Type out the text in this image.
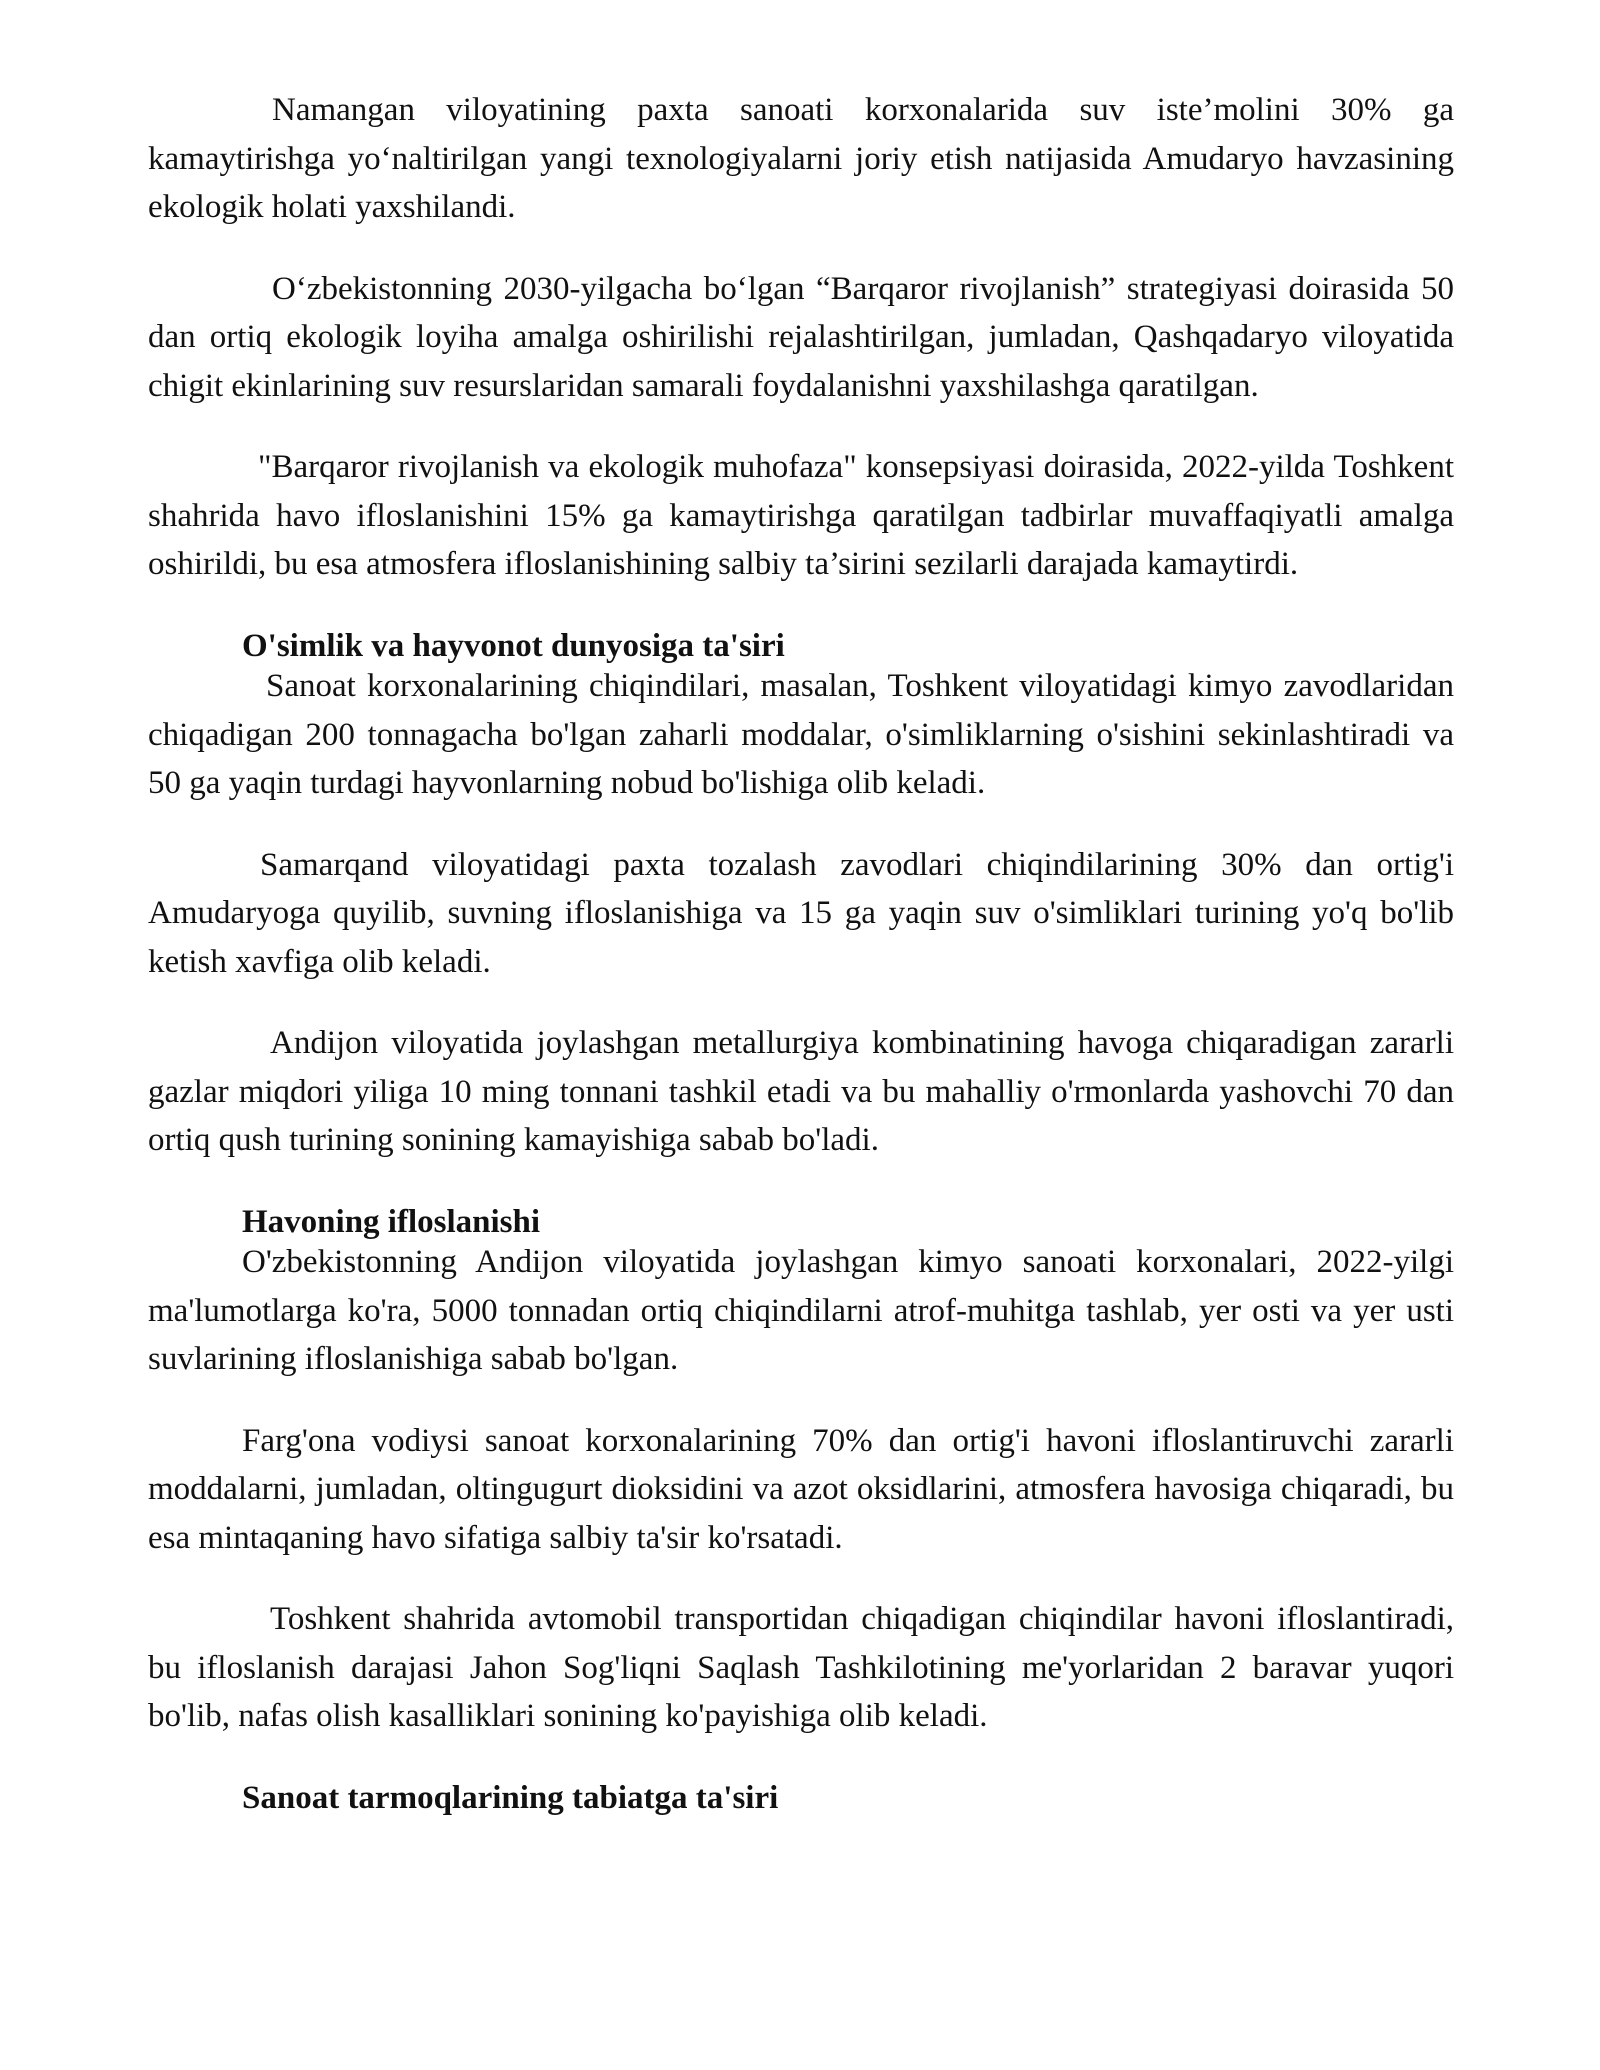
Namangan viloyatining paxta sanoati korxonalarida suv iste’molini 30% ga kamaytirishga yo‘naltirilgan yangi texnologiyalarni joriy etish natijasida Amudaryo havzasining ekologik holati yaxshilandi.

O‘zbekistonning 2030-yilgacha bo‘lgan “Barqaror rivojlanish” strategiyasi doirasida 50 dan ortiq ekologik loyiha amalga oshirilishi rejalashtirilgan, jumladan, Qashqadaryo viloyatida chigit ekinlarining suv resurslaridan samarali foydalanishni yaxshilashga qaratilgan.

"Barqaror rivojlanish va ekologik muhofaza" konsepsiyasi doirasida, 2022-yilda Toshkent shahrida havo ifloslanishini 15% ga kamaytirishga qaratilgan tadbirlar muvaffaqiyatli amalga oshirildi, bu esa atmosfera ifloslanishining salbiy ta’sirini sezilarli darajada kamaytirdi.

O'simlik va hayvonot dunyosiga ta'siri

Sanoat korxonalarining chiqindilari, masalan, Toshkent viloyatidagi kimyo zavodlaridan chiqadigan 200 tonnagacha bo'lgan zaharli moddalar, o'simliklarning o'sishini sekinlashtiradi va 50 ga yaqin turdagi hayvonlarning nobud bo'lishiga olib keladi.

Samarqand viloyatidagi paxta tozalash zavodlari chiqindilarining 30% dan ortig'i Amudaryoga quyilib, suvning ifloslanishiga va 15 ga yaqin suv o'simliklari turining yo'q bo'lib ketish xavfiga olib keladi.

Andijon viloyatida joylashgan metallurgiya kombinatining havoga chiqaradigan zararli gazlar miqdori yiliga 10 ming tonnani tashkil etadi va bu mahalliy o'rmonlarda yashovchi 70 dan ortiq qush turining sonining kamayishiga sabab bo'ladi.

Havoning ifloslanishi

O'zbekistonning Andijon viloyatida joylashgan kimyo sanoati korxonalari, 2022-yilgi ma'lumotlarga ko'ra, 5000 tonnadan ortiq chiqindilarni atrof-muhitga tashlab, yer osti va yer usti suvlarining ifloslanishiga sabab bo'lgan.

Farg'ona vodiysi sanoat korxonalarining 70% dan ortig'i havoni ifloslantiruvchi zararli moddalarni, jumladan, oltingugurt dioksidini va azot oksidlarini, atmosfera havosiga chiqaradi, bu esa mintaqaning havo sifatiga salbiy ta'sir ko'rsatadi.

Toshkent shahrida avtomobil transportidan chiqadigan chiqindilar havoni ifloslantiradi, bu ifloslanish darajasi Jahon Sog'liqni Saqlash Tashkilotining me'yorlaridan 2 baravar yuqori bo'lib, nafas olish kasalliklari sonining ko'payishiga olib keladi.

Sanoat tarmoqlarining tabiatga ta'siri
